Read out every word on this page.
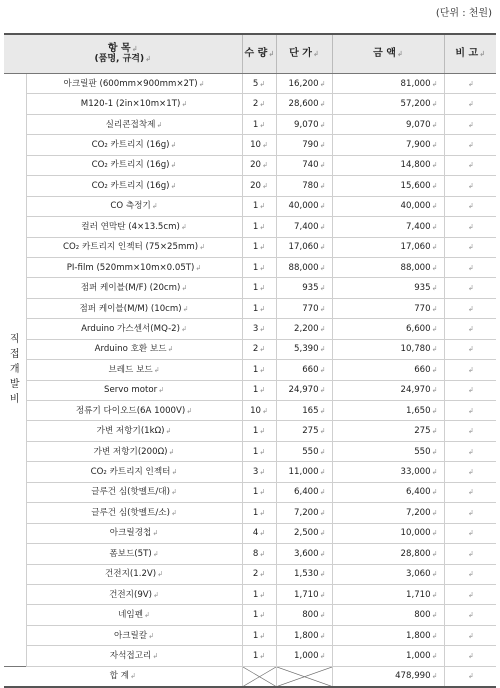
(단위 : 천원)
항 목↲
(품명, 규격)↲		수 량↲	단 가↲	금 액↲	비 고↲
직접개발비	아크릴판 (600mm×900mm×2T)↲	5↲	16,200↲	81,000↲	↲
	M120-1 (2in×10m×1T)↲	2↲	28,600↲	57,200↲	↲
	실리콘접착제↲	1↲	9,070↲	9,070↲	↲
	CO₂ 카트리지 (16g)↲	10↲	790↲	7,900↲	↲
	CO₂ 카트리지 (16g)↲	20↲	740↲	14,800↲	↲
	CO₂ 카트리지 (16g)↲	20↲	780↲	15,600↲	↲
	CO 측정기↲	1↲	40,000↲	40,000↲	↲
	컬러 연막탄 (4×13.5cm)↲	1↲	7,400↲	7,400↲	↲
	CO₂ 카트리지 인젝터 (75×25mm)↲	1↲	17,060↲	17,060↲	↲
	PI-film (520mm×10m×0.05T)↲	1↲	88,000↲	88,000↲	↲
	점퍼 케이블(M/F) (20cm)↲	1↲	935↲	935↲	↲
	점퍼 케이블(M/M) (10cm)↲	1↲	770↲	770↲	↲
	Arduino 가스센서(MQ-2)↲	3↲	2,200↲	6,600↲	↲
	Arduino 호환 보드↲	2↲	5,390↲	10,780↲	↲
	브레드 보드↲	1↲	660↲	660↲	↲
	Servo motor↲	1↲	24,970↲	24,970↲	↲
	정류기 다이오드(6A 1000V)↲	10↲	165↲	1,650↲	↲
	가변 저항기(1kΩ)↲	1↲	275↲	275↲	↲
	가변 저항기(200Ω)↲	1↲	550↲	550↲	↲
	CO₂ 카트리지 인젝터↲	3↲	11,000↲	33,000↲	↲
	글루건 심(핫멜트/대)↲	1↲	6,400↲	6,400↲	↲
	글루건 심(핫멜트/소)↲	1↲	7,200↲	7,200↲	↲
	아크릴경첩↲	4↲	2,500↲	10,000↲	↲
	폼보드(5T)↲	8↲	3,600↲	28,800↲	↲
	건전지(1.2V)↲	2↲	1,530↲	3,060↲	↲
	건전지(9V)↲	1↲	1,710↲	1,710↲	↲
	네임펜↲	1↲	800↲	800↲	↲
	아크릴칼↲	1↲	1,800↲	1,800↲	↲
	자석접고리↲	1↲	1,000↲	1,000↲	↲
합 계↲				478,990↲	↲
